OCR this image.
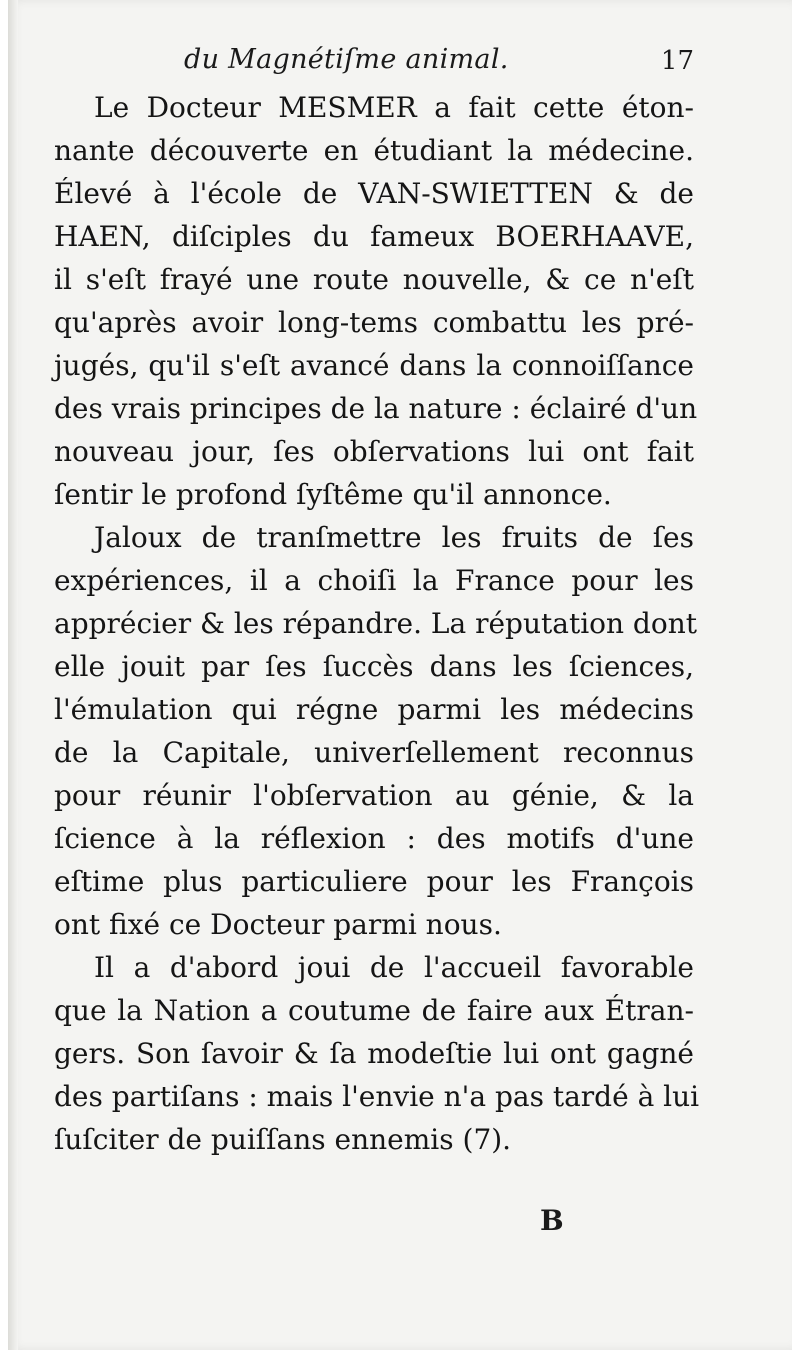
du Magnétiſme animal.	17
Le Docteur MESMER a fait cette éton-
nante découverte en étudiant la médecine.
Élevé à l'école de VAN-SWIETTEN & de
HAEN, diſciples du fameux BOERHAAVE,
il s'eſt frayé une route nouvelle, & ce n'eſt
qu'après avoir long-tems combattu les pré-
jugés, qu'il s'eſt avancé dans la connoiſſance
des vrais principes de la nature : éclairé d'un
nouveau jour, ſes obſervations lui ont fait
ſentir le profond ſyſtême qu'il annonce.
Jaloux de tranſmettre les fruits de ſes
expériences, il a choiſi la France pour les
apprécier & les répandre. La réputation dont
elle jouit par ſes ſuccès dans les ſciences,
l'émulation qui régne parmi les médecins
de la Capitale, univerſellement reconnus
pour réunir l'obſervation au génie, & la
ſcience à la réflexion : des motifs d'une
eſtime plus particuliere pour les François
ont fixé ce Docteur parmi nous.
Il a d'abord joui de l'accueil favorable
que la Nation a coutume de faire aux Étran-
gers. Son ſavoir & ſa modeſtie lui ont gagné
des partiſans : mais l'envie n'a pas tardé à lui
ſuſciter de puiſſans ennemis (7).
B
